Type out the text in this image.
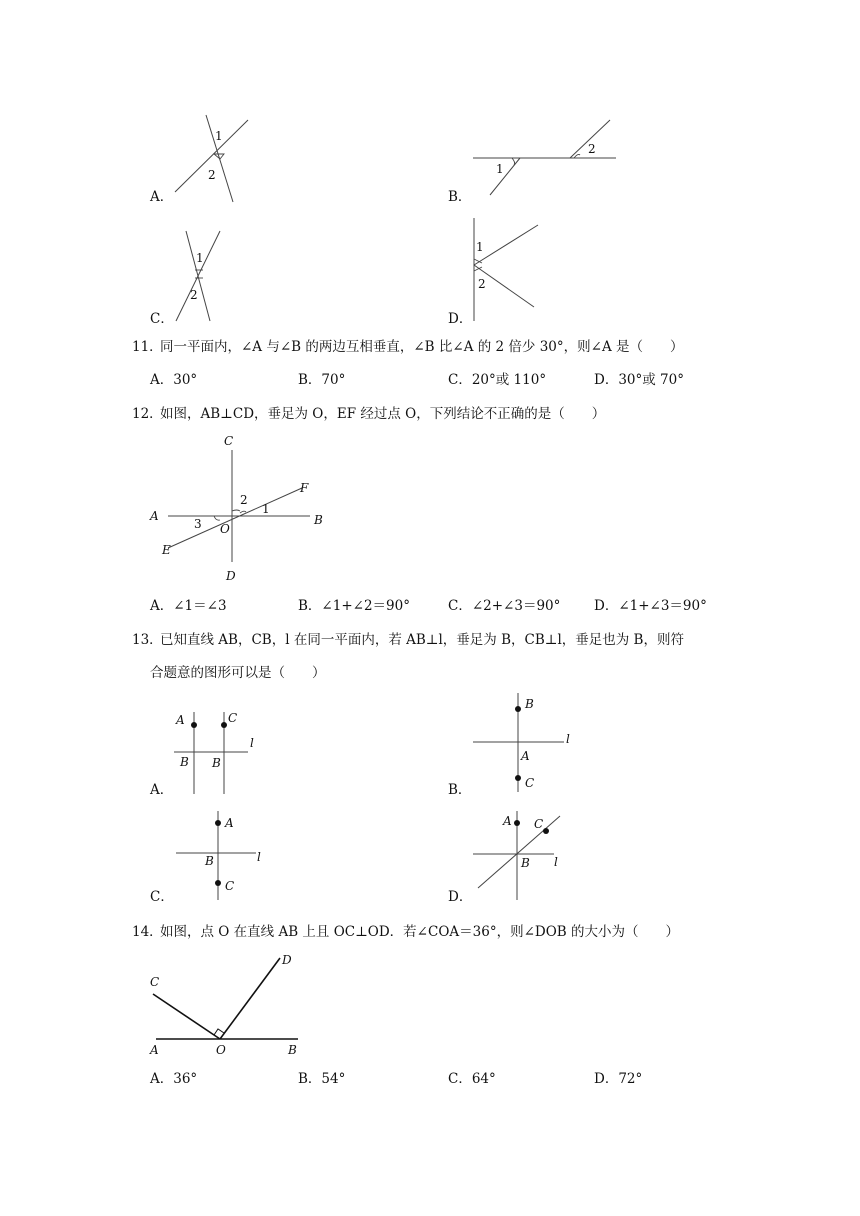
1
2
A．
1
2
B．
1
2
C．
1
2
D．
11．
同一平面内，∠A 与∠B 的两边互相垂直，∠B 比∠A 的 2 倍少 30°，则∠A 是（　　）
A．30°	B．70°	C．20°或 110°	D．30°或 70°
12．
如图，AB⊥CD，垂足为 O，EF 经过点 O，下列结论不正确的是（　　）
C
F
A	B
O
E
D
1
2
3
A．∠1＝∠3	B．∠1+∠2＝90°	C．∠2+∠3＝90° D．∠1+∠3＝90°
13．
已知直线 AB，CB，l 在同一平面内，若 AB⊥l，垂足为 B，CB⊥l，垂足也为 B，则符
合题意的图形可以是（　　）
A	C
l
B B
A．
B
l
A
C
B．
A
l
B
C
C．
A C
B l
D．
14．
如图，点 O 在直线 AB 上且 OC⊥OD．若∠COA＝36°，则∠DOB 的大小为（　　）
C
D
A	O	B
A．36°	B．54°	C．64°	D．72°
